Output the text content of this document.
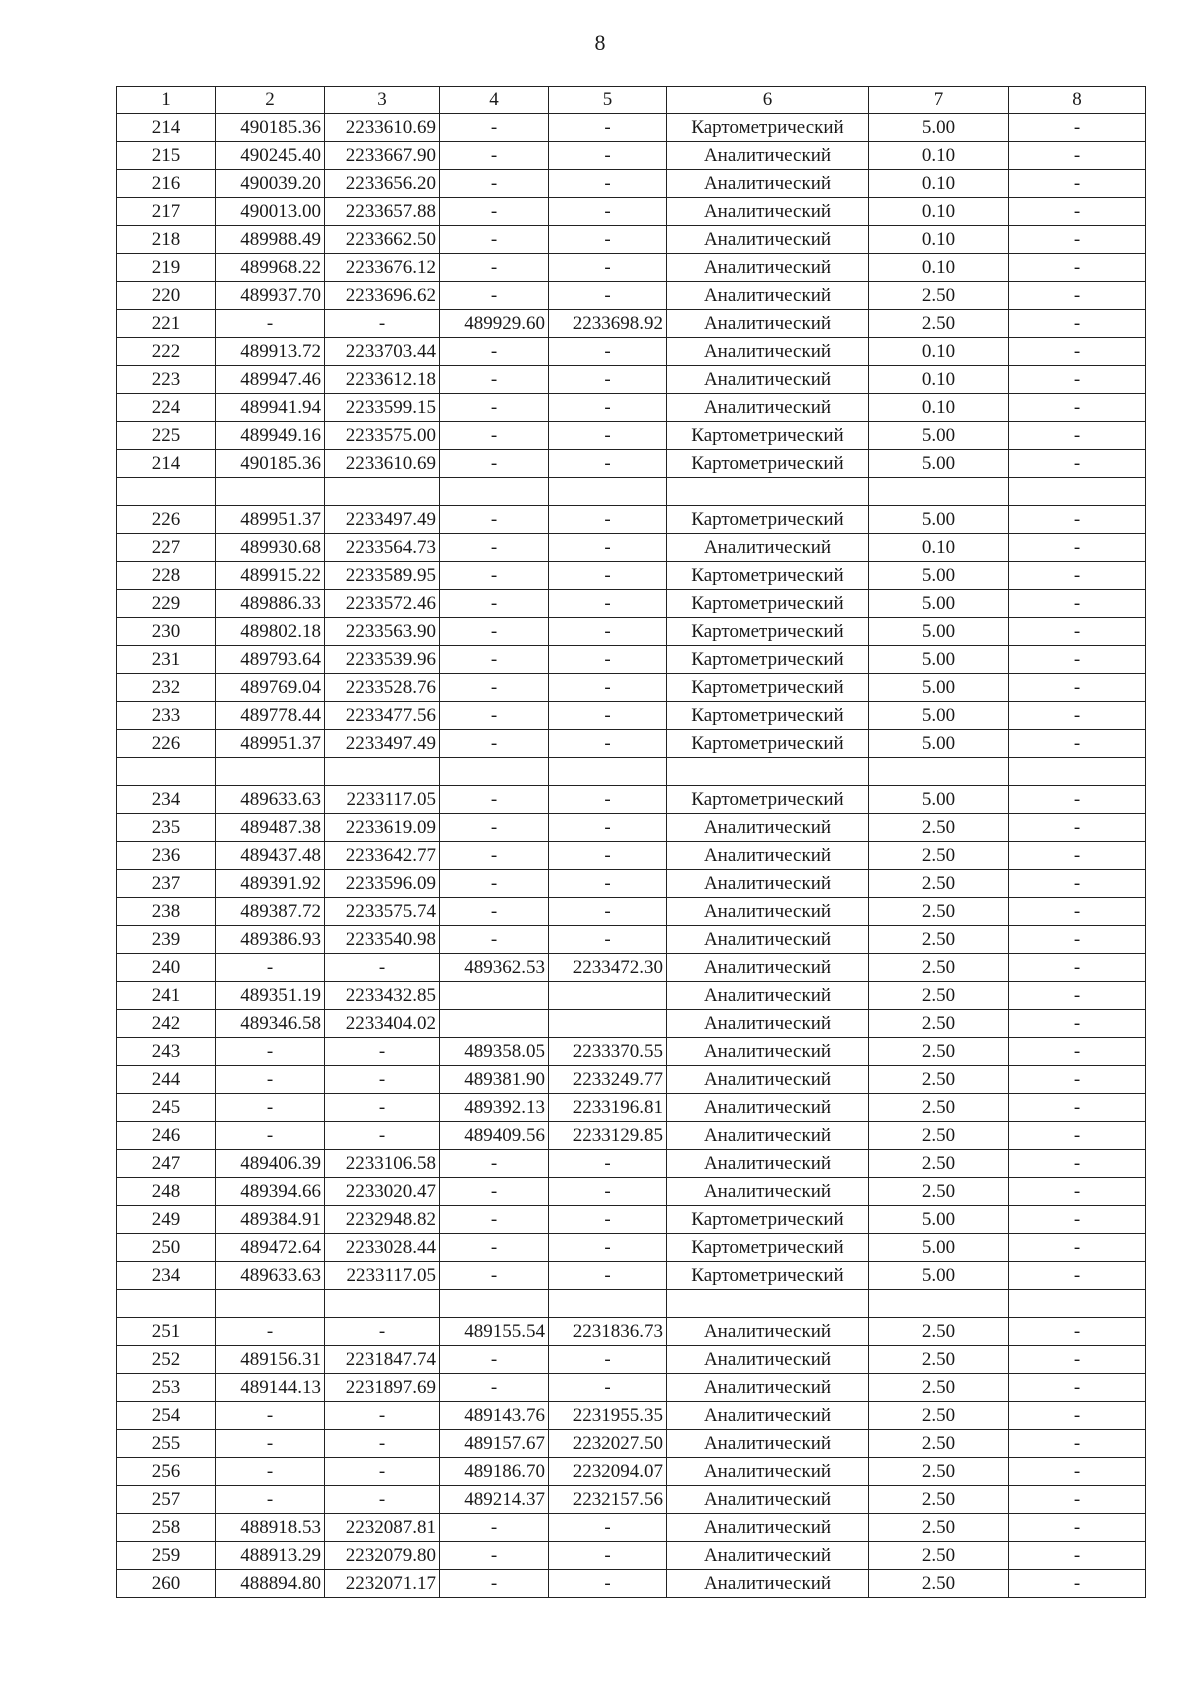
8
1	2	3	4	5	6	7	8
214	490185.36	2233610.69	-	-	Картометрический	5.00	-
215	490245.40	2233667.90	-	-	Аналитический	0.10	-
216	490039.20	2233656.20	-	-	Аналитический	0.10	-
217	490013.00	2233657.88	-	-	Аналитический	0.10	-
218	489988.49	2233662.50	-	-	Аналитический	0.10	-
219	489968.22	2233676.12	-	-	Аналитический	0.10	-
220	489937.70	2233696.62	-	-	Аналитический	2.50	-
221	-	-	489929.60	2233698.92	Аналитический	2.50	-
222	489913.72	2233703.44	-	-	Аналитический	0.10	-
223	489947.46	2233612.18	-	-	Аналитический	0.10	-
224	489941.94	2233599.15	-	-	Аналитический	0.10	-
225	489949.16	2233575.00	-	-	Картометрический	5.00	-
214	490185.36	2233610.69	-	-	Картометрический	5.00	-

226	489951.37	2233497.49	-	-	Картометрический	5.00	-
227	489930.68	2233564.73	-	-	Аналитический	0.10	-
228	489915.22	2233589.95	-	-	Картометрический	5.00	-
229	489886.33	2233572.46	-	-	Картометрический	5.00	-
230	489802.18	2233563.90	-	-	Картометрический	5.00	-
231	489793.64	2233539.96	-	-	Картометрический	5.00	-
232	489769.04	2233528.76	-	-	Картометрический	5.00	-
233	489778.44	2233477.56	-	-	Картометрический	5.00	-
226	489951.37	2233497.49	-	-	Картометрический	5.00	-

234	489633.63	2233117.05	-	-	Картометрический	5.00	-
235	489487.38	2233619.09	-	-	Аналитический	2.50	-
236	489437.48	2233642.77	-	-	Аналитический	2.50	-
237	489391.92	2233596.09	-	-	Аналитический	2.50	-
238	489387.72	2233575.74	-	-	Аналитический	2.50	-
239	489386.93	2233540.98	-	-	Аналитический	2.50	-
240	-	-	489362.53	2233472.30	Аналитический	2.50	-
241	489351.19	2233432.85			Аналитический	2.50	-
242	489346.58	2233404.02			Аналитический	2.50	-
243	-	-	489358.05	2233370.55	Аналитический	2.50	-
244	-	-	489381.90	2233249.77	Аналитический	2.50	-
245	-	-	489392.13	2233196.81	Аналитический	2.50	-
246	-	-	489409.56	2233129.85	Аналитический	2.50	-
247	489406.39	2233106.58	-	-	Аналитический	2.50	-
248	489394.66	2233020.47	-	-	Аналитический	2.50	-
249	489384.91	2232948.82	-	-	Картометрический	5.00	-
250	489472.64	2233028.44	-	-	Картометрический	5.00	-
234	489633.63	2233117.05	-	-	Картометрический	5.00	-

251	-	-	489155.54	2231836.73	Аналитический	2.50	-
252	489156.31	2231847.74	-	-	Аналитический	2.50	-
253	489144.13	2231897.69	-	-	Аналитический	2.50	-
254	-	-	489143.76	2231955.35	Аналитический	2.50	-
255	-	-	489157.67	2232027.50	Аналитический	2.50	-
256	-	-	489186.70	2232094.07	Аналитический	2.50	-
257	-	-	489214.37	2232157.56	Аналитический	2.50	-
258	488918.53	2232087.81	-	-	Аналитический	2.50	-
259	488913.29	2232079.80	-	-	Аналитический	2.50	-
260	488894.80	2232071.17	-	-	Аналитический	2.50	-
